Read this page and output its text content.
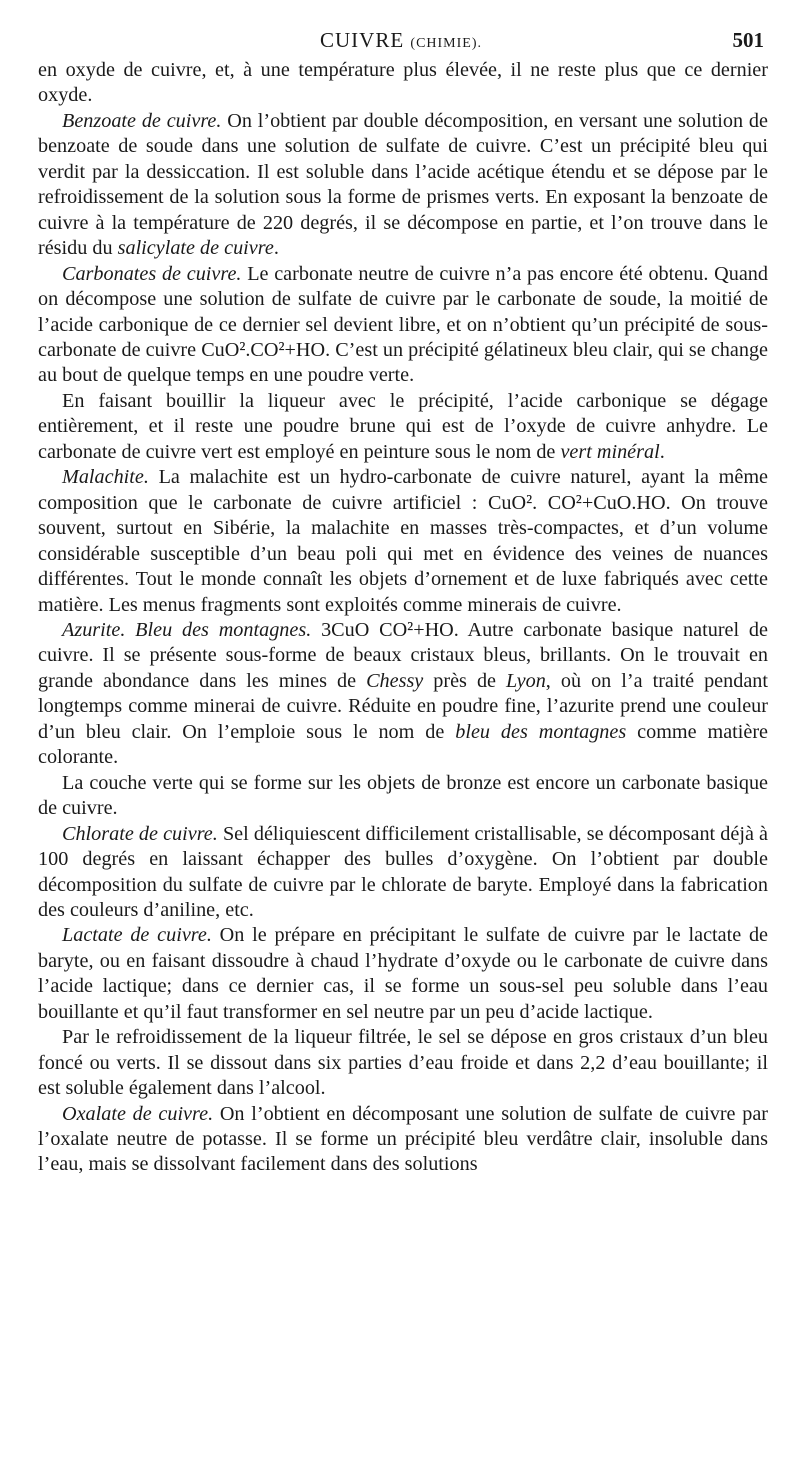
CUIVRE (CHIMIE).	501

en oxyde de cuivre, et, à une température plus élevée, il ne reste plus que ce dernier oxyde.

Benzoate de cuivre. On l’obtient par double décomposition, en versant une solution de benzoate de soude dans une solution de sulfate de cuivre. C’est un précipité bleu qui verdit par la dessiccation. Il est soluble dans l’acide acétique étendu et se dépose par le refroidissement de la solution sous la forme de prismes verts. En exposant la benzoate de cuivre à la température de 220 degrés, il se décompose en partie, et l’on trouve dans le résidu du salicylate de cuivre.

Carbonates de cuivre. Le carbonate neutre de cuivre n’a pas encore été obtenu. Quand on décompose une solution de sulfate de cuivre par le carbonate de soude, la moitié de l’acide carbonique de ce dernier sel devient libre, et on n’obtient qu’un précipité de sous-carbonate de cuivre CuO².CO²+HO. C’est un précipité gélatineux bleu clair, qui se change au bout de quelque temps en une poudre verte.

En faisant bouillir la liqueur avec le précipité, l’acide carbonique se dégage entièrement, et il reste une poudre brune qui est de l’oxyde de cuivre anhydre. Le carbonate de cuivre vert est employé en peinture sous le nom de vert minéral.

Malachite. La malachite est un hydro-carbonate de cuivre naturel, ayant la même composition que le carbonate de cuivre artificiel : CuO². CO²+CuO.HO. On trouve souvent, surtout en Sibérie, la malachite en masses très-compactes, et d’un volume considérable susceptible d’un beau poli qui met en évidence des veines de nuances différentes. Tout le monde connaît les objets d’ornement et de luxe fabriqués avec cette matière. Les menus fragments sont exploités comme minerais de cuivre.

Azurite. Bleu des montagnes. 3CuO CO²+HO. Autre carbonate basique naturel de cuivre. Il se présente sous-forme de beaux cristaux bleus, brillants. On le trouvait en grande abondance dans les mines de Chessy près de Lyon, où on l’a traité pendant longtemps comme minerai de cuivre. Réduite en poudre fine, l’azurite prend une couleur d’un bleu clair. On l’emploie sous le nom de bleu des montagnes comme matière colorante.

La couche verte qui se forme sur les objets de bronze est encore un carbonate basique de cuivre.

Chlorate de cuivre. Sel déliquiescent difficilement cristallisable, se décomposant déjà à 100 degrés en laissant échapper des bulles d’oxygène. On l’obtient par double décomposition du sulfate de cuivre par le chlorate de baryte. Employé dans la fabrication des couleurs d’aniline, etc.

Lactate de cuivre. On le prépare en précipitant le sulfate de cuivre par le lactate de baryte, ou en faisant dissoudre à chaud l’hydrate d’oxyde ou le carbonate de cuivre dans l’acide lactique; dans ce dernier cas, il se forme un sous-sel peu soluble dans l’eau bouillante et qu’il faut transformer en sel neutre par un peu d’acide lactique.

Par le refroidissement de la liqueur filtrée, le sel se dépose en gros cristaux d’un bleu foncé ou verts. Il se dissout dans six parties d’eau froide et dans 2,2 d’eau bouillante; il est soluble également dans l’alcool.

Oxalate de cuivre. On l’obtient en décomposant une solution de sulfate de cuivre par l’oxalate neutre de potasse. Il se forme un précipité bleu verdâtre clair, insoluble dans l’eau, mais se dissolvant facilement dans des solutions
